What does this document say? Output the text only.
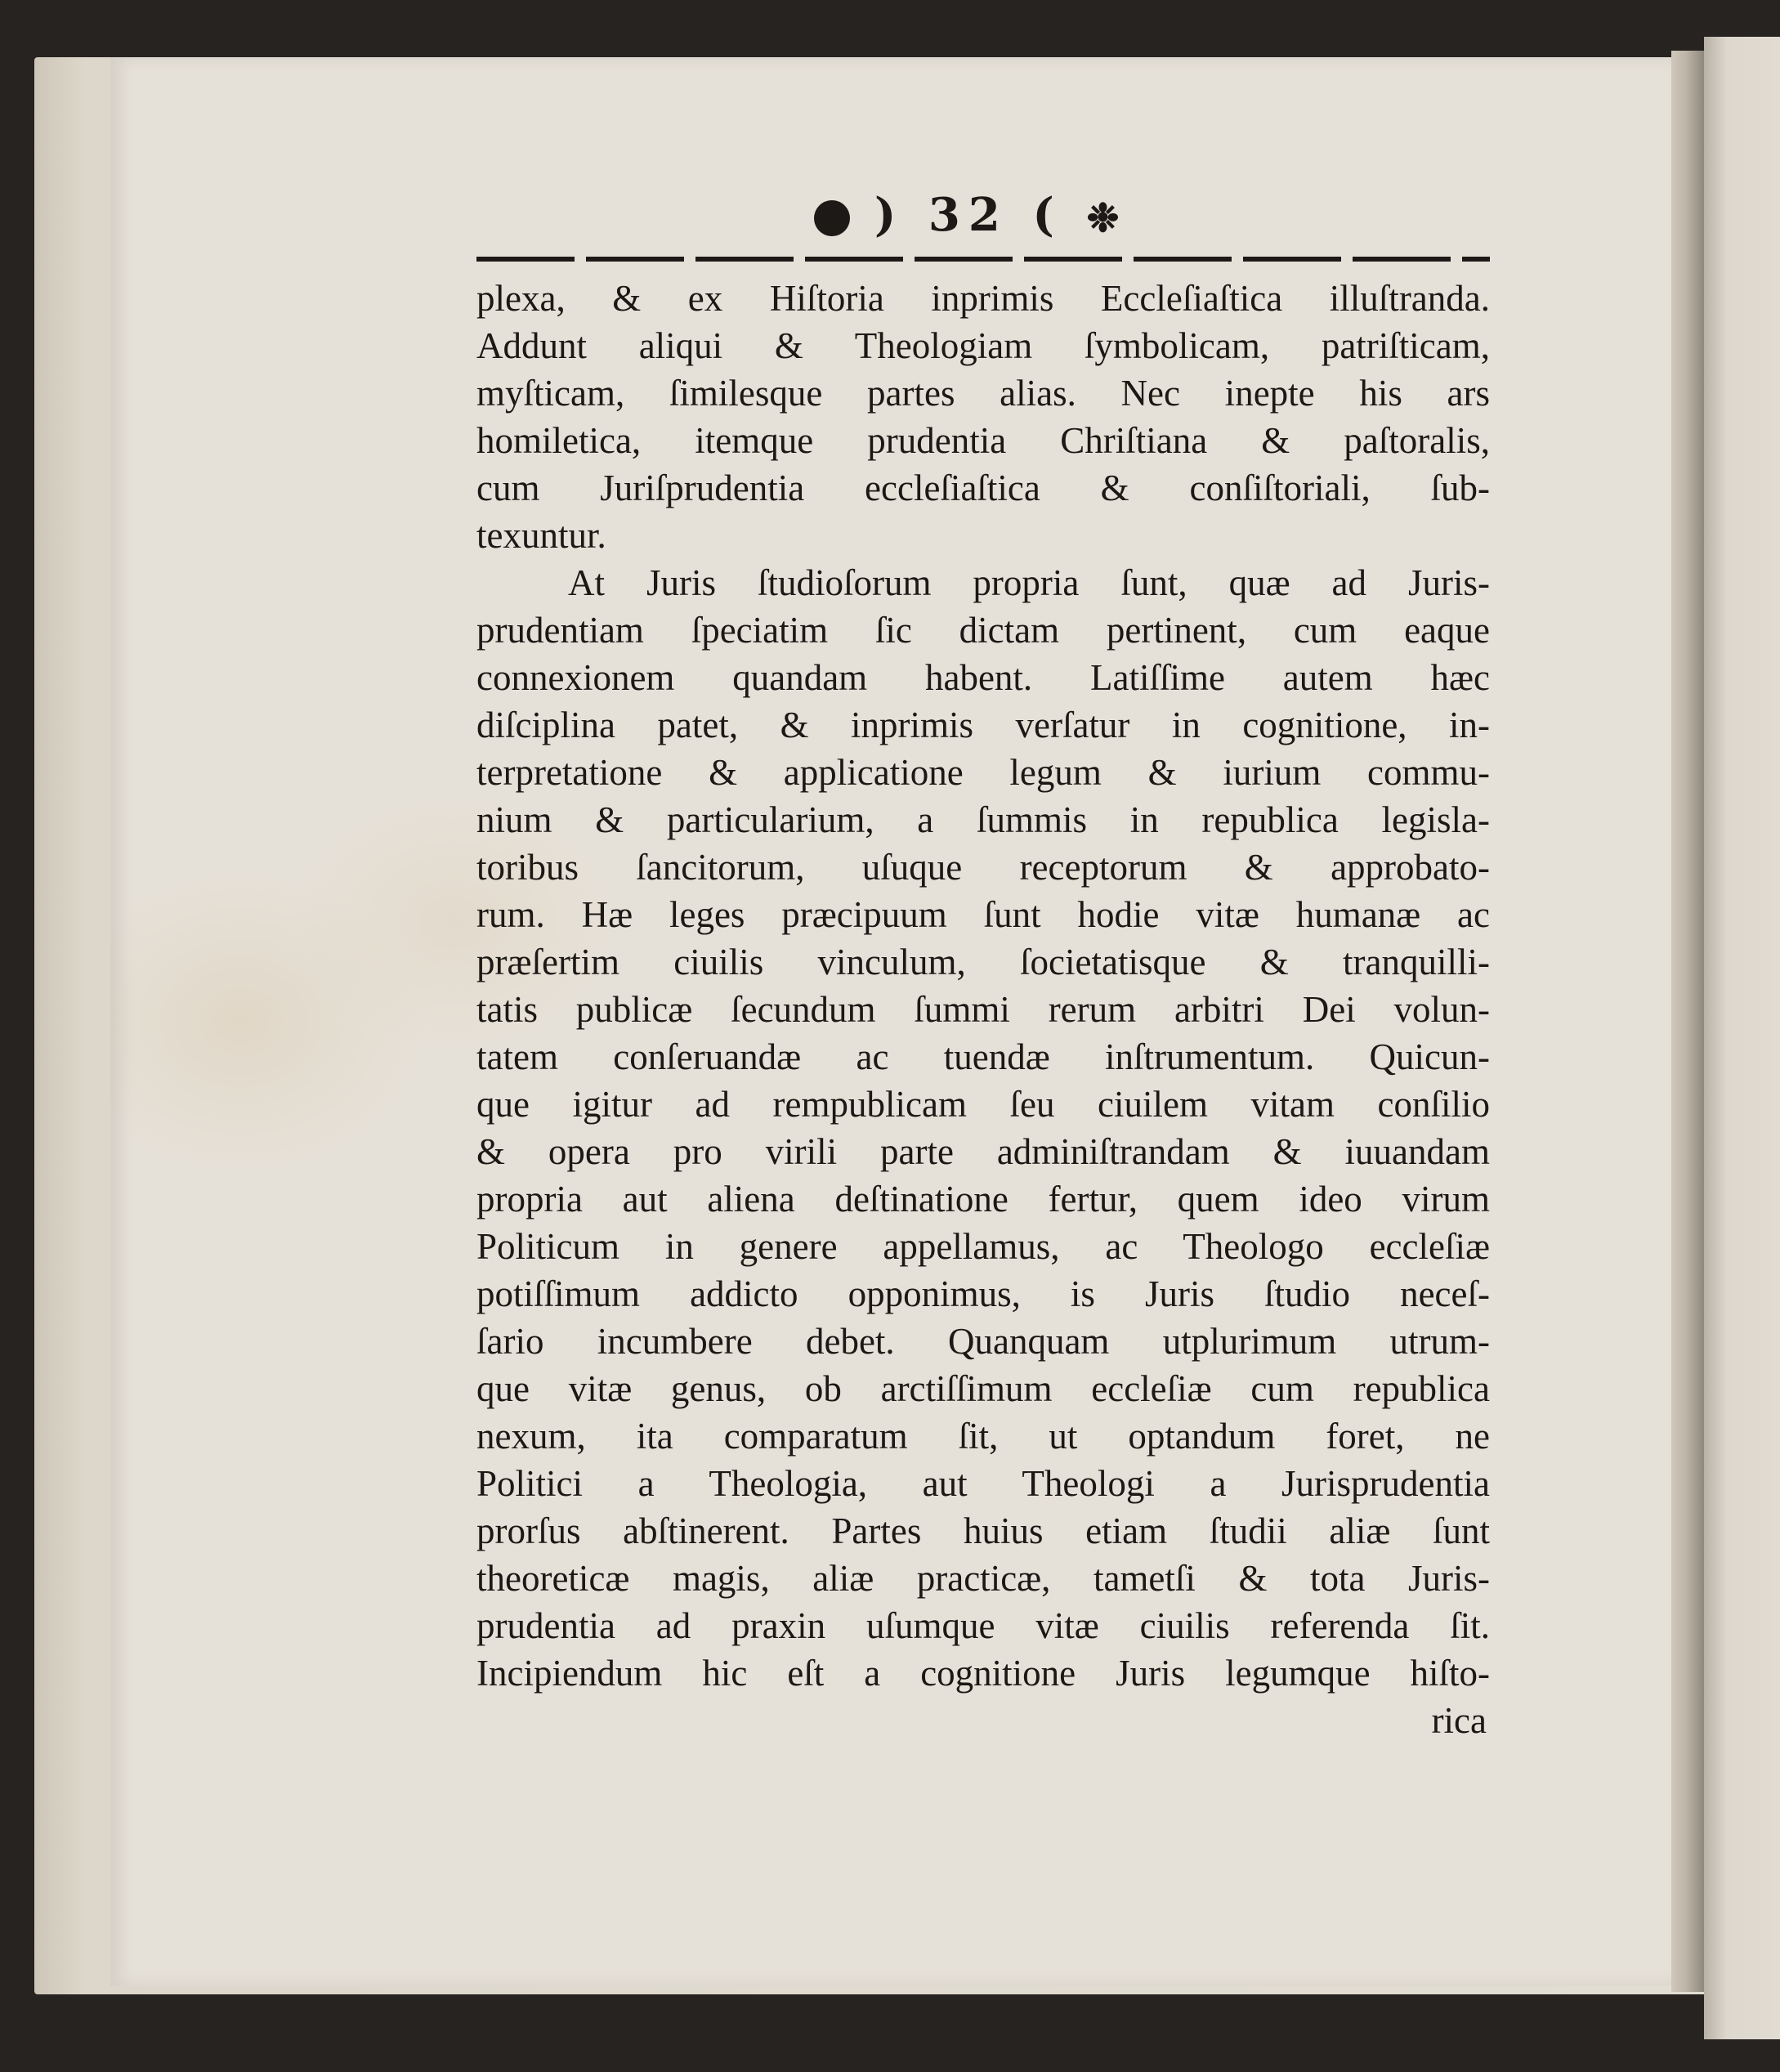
) 32 ( ❉
plexa, & ex Hiſtoria inprimis Eccleſiaſtica illuſtranda.
Addunt aliqui & Theologiam ſymbolicam, patriſticam,
myſticam, ſimilesque partes alias. Nec inepte his ars
homiletica, itemque prudentia Chriſtiana & paſtoralis,
cum Juriſprudentia eccleſiaſtica & conſiſtoriali, ſub-
texuntur.
At Juris ſtudioſorum propria ſunt, quæ ad Juris-
prudentiam ſpeciatim ſic dictam pertinent, cum eaque
connexionem quandam habent. Latiſſime autem hæc
diſciplina patet, & inprimis verſatur in cognitione, in-
terpretatione & applicatione legum & iurium commu-
nium & particularium, a ſummis in republica legisla-
toribus ſancitorum, uſuque receptorum & approbato-
rum. Hæ leges præcipuum ſunt hodie vitæ humanæ ac
præſertim ciuilis vinculum, ſocietatisque & tranquilli-
tatis publicæ ſecundum ſummi rerum arbitri Dei volun-
tatem conſeruandæ ac tuendæ inſtrumentum. Quicun-
que igitur ad rempublicam ſeu ciuilem vitam conſilio
& opera pro virili parte adminiſtrandam & iuuandam
propria aut aliena deſtinatione fertur, quem ideo virum
Politicum in genere appellamus, ac Theologo eccleſiæ
potiſſimum addicto opponimus, is Juris ſtudio neceſ-
ſario incumbere debet. Quanquam utplurimum utrum-
que vitæ genus, ob arctiſſimum eccleſiæ cum republica
nexum, ita comparatum ſit, ut optandum foret, ne
Politici a Theologia, aut Theologi a Jurisprudentia
prorſus abſtinerent. Partes huius etiam ſtudii aliæ ſunt
theoreticæ magis, aliæ practicæ, tametſi & tota Juris-
prudentia ad praxin uſumque vitæ ciuilis referenda ſit.
Incipiendum hic eſt a cognitione Juris legumque hiſto-
rica
